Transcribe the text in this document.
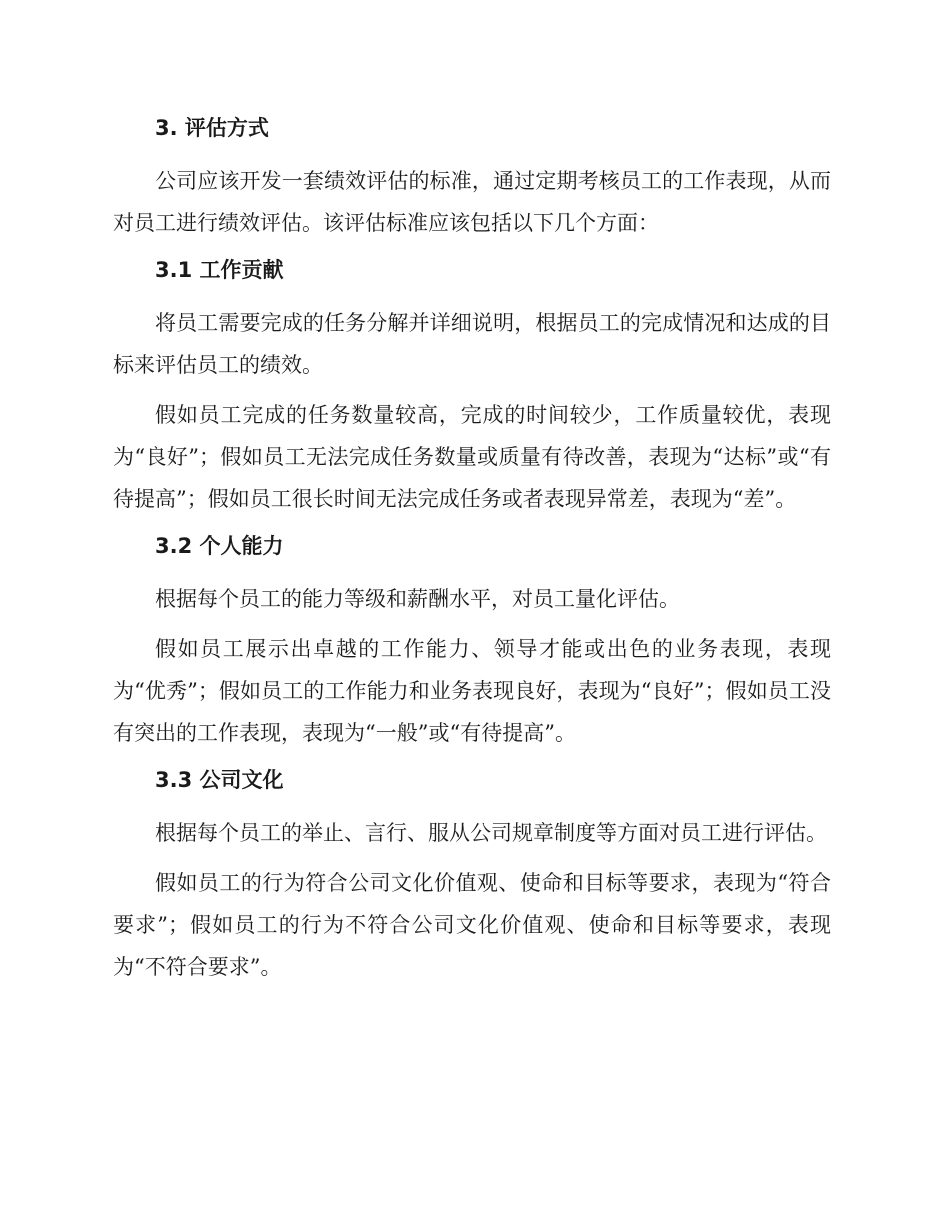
3. 评估方式

公司应该开发一套绩效评估的标准，通过定期考核员工的工作表现，从而对员工进行绩效评估。该评估标准应该包括以下几个方面：

3.1 工作贡献

将员工需要完成的任务分解并详细说明，根据员工的完成情况和达成的目标来评估员工的绩效。

假如员工完成的任务数量较高，完成的时间较少，工作质量较优，表现为“良好”；假如员工无法完成任务数量或质量有待改善，表现为“达标”或“有待提高”；假如员工很长时间无法完成任务或者表现异常差，表现为“差”。

3.2 个人能力

根据每个员工的能力等级和薪酬水平，对员工量化评估。

假如员工展示出卓越的工作能力、领导才能或出色的业务表现，表现为“优秀”；假如员工的工作能力和业务表现良好，表现为“良好”；假如员工没有突出的工作表现，表现为“一般”或“有待提高”。

3.3 公司文化

根据每个员工的举止、言行、服从公司规章制度等方面对员工进行评估。

假如员工的行为符合公司文化价值观、使命和目标等要求，表现为“符合要求”；假如员工的行为不符合公司文化价值观、使命和目标等要求，表现为“不符合要求”。
